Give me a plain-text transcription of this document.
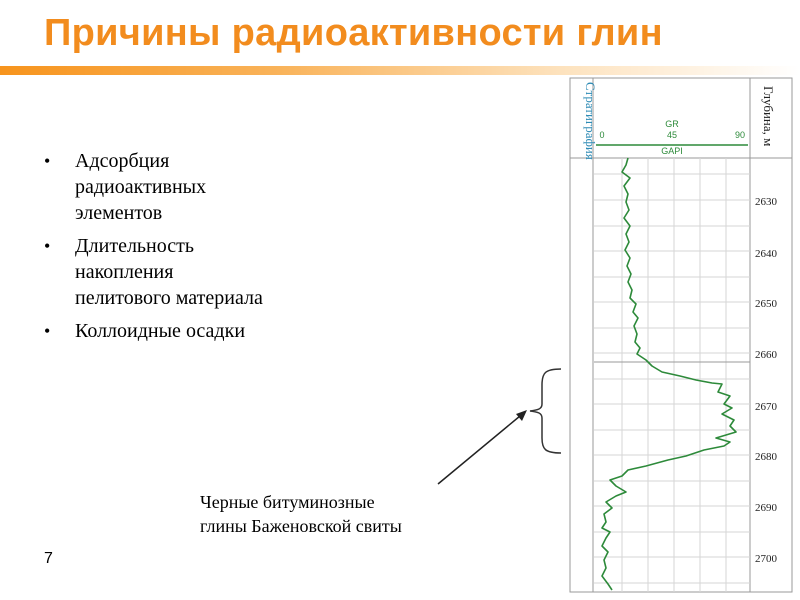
Причины радиоактивности глин
• Адсорбция
радиоактивных
элементов
• Длительность
накопления
пелитового материала
• Коллоидные осадки
Стратиграфия	Глубина, м
GR
0	45	90
GAPI
2630
2640
2650
2660
2670
2680
2690
2700
Черные битуминозные
глины Баженовской свиты
7
